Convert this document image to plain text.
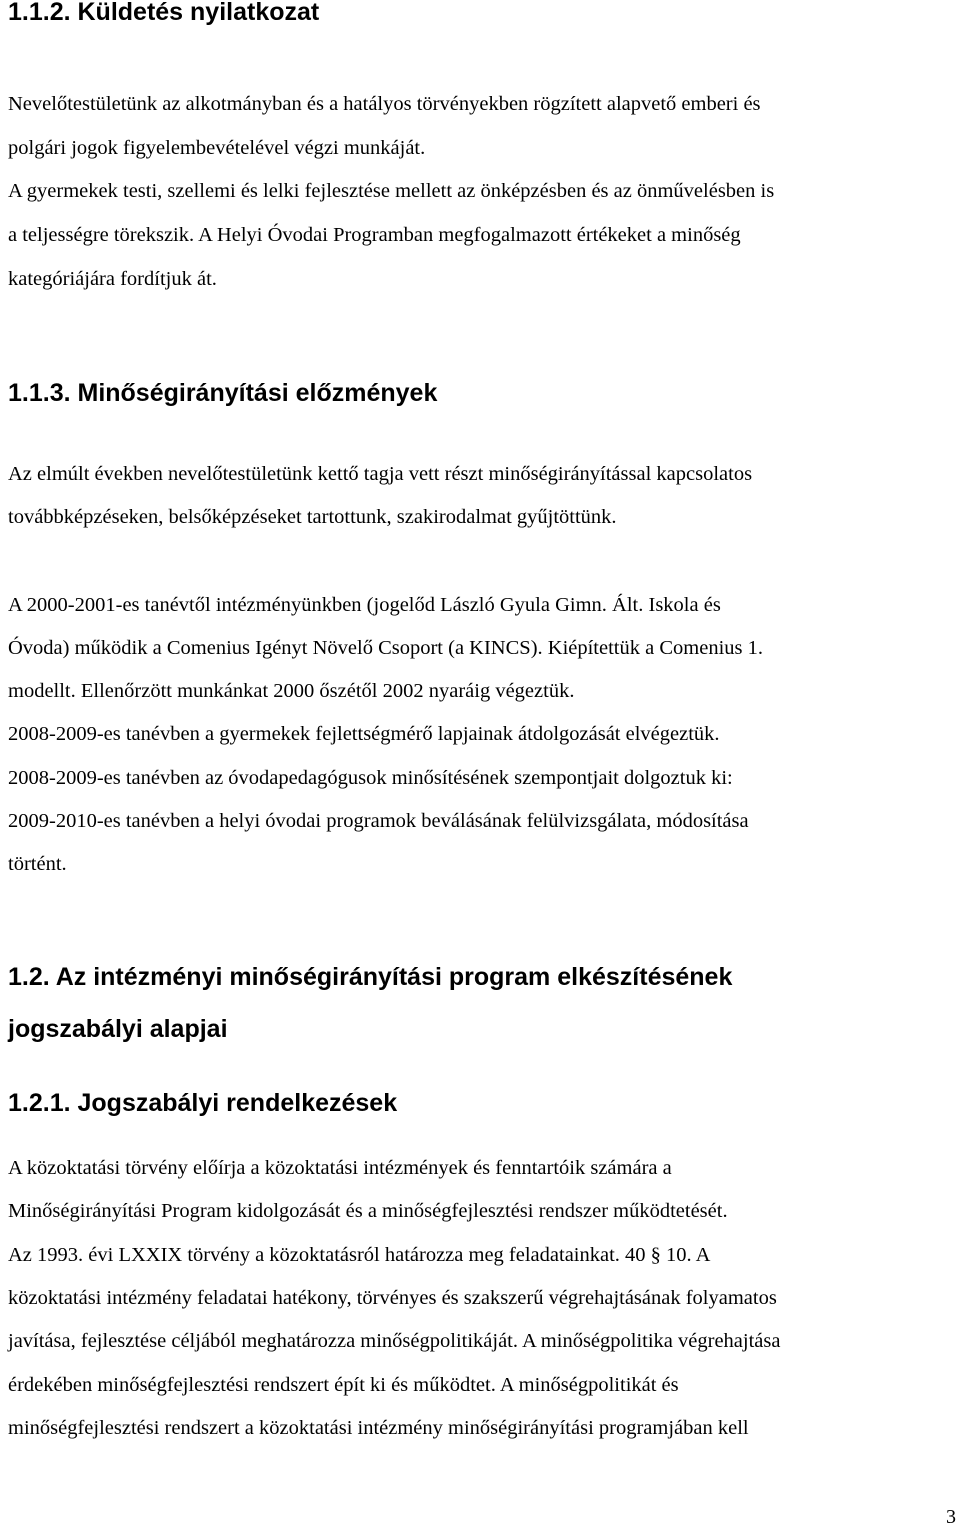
1.1.2. Küldetés nyilatkozat
Nevelőtestületünk az alkotmányban és a hatályos törvényekben rögzített alapvető emberi és
polgári jogok figyelembevételével végzi munkáját.
A gyermekek testi, szellemi és lelki fejlesztése mellett az önképzésben és az önművelésben is
a teljességre törekszik. A Helyi Óvodai Programban megfogalmazott értékeket a minőség
kategóriájára fordítjuk át.
1.1.3. Minőségirányítási előzmények
Az elmúlt években nevelőtestületünk kettő tagja vett részt minőségirányítással kapcsolatos
továbbképzéseken, belsőképzéseket tartottunk, szakirodalmat gyűjtöttünk.
A 2000-2001-es tanévtől intézményünkben (jogelőd László Gyula Gimn. Ált. Iskola és
Óvoda) működik a Comenius Igényt Növelő Csoport (a KINCS). Kiépítettük a Comenius 1.
modellt. Ellenőrzött munkánkat 2000 őszétől 2002 nyaráig végeztük.
2008-2009-es tanévben a gyermekek fejlettségmérő lapjainak átdolgozását elvégeztük.
2008-2009-es tanévben az óvodapedagógusok minősítésének szempontjait dolgoztuk ki:
2009-2010-es tanévben a helyi óvodai programok beválásának felülvizsgálata, módosítása
történt.
1.2. Az intézményi minőségirányítási program elkészítésének
jogszabályi alapjai
1.2.1. Jogszabályi rendelkezések
A közoktatási törvény előírja a közoktatási intézmények és fenntartóik számára a
Minőségirányítási Program kidolgozását és a minőségfejlesztési rendszer működtetését.
Az 1993. évi LXXIX törvény a közoktatásról határozza meg feladatainkat. 40 § 10. A
közoktatási intézmény feladatai hatékony, törvényes és szakszerű végrehajtásának folyamatos
javítása, fejlesztése céljából meghatározza minőségpolitikáját. A minőségpolitika végrehajtása
érdekében minőségfejlesztési rendszert épít ki és működtet. A minőségpolitikát és
minőségfejlesztési rendszert a közoktatási intézmény minőségirányítási programjában kell
3
